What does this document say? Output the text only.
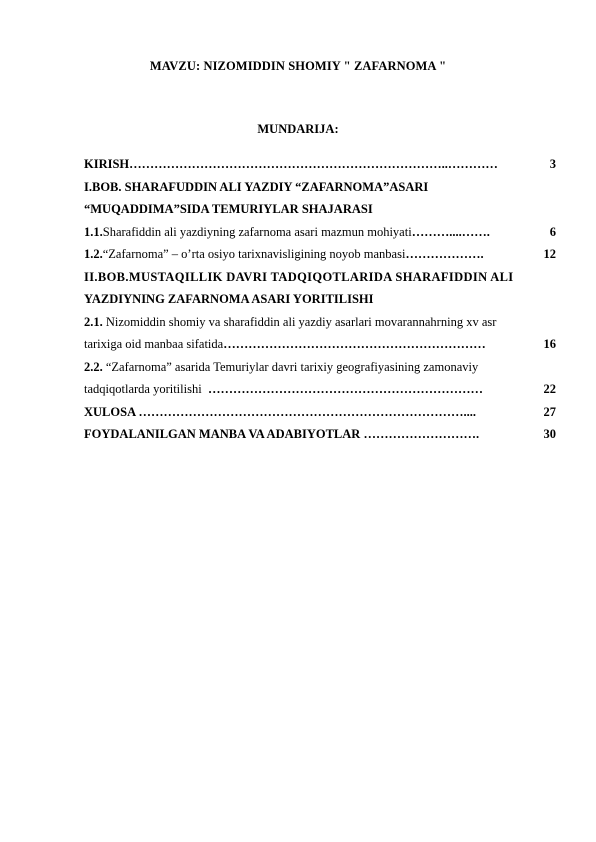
MAVZU: NIZOMIDDIN SHOMIY " ZAFARNOMA "
MUNDARIJA:
KIRISH …………………………………………………………………..…………	3
I.BOB. SHARAFUDDIN ALI YAZDIY “ZAFARNOMA”ASARI
“MUQADDIMA”SIDA TEMURIYLAR SHAJARASI
1.1. Sharafiddin ali yazdiyning zafarnoma asari mazmun mohiyati ………....…….	6
1.2. “Zafarnoma” – o’rta osiyo tarixnavisligining noyob manbasi ……………….	12
II.BOB.MUSTAQILLIK DAVRI TADQIQOTLARIDA SHARAFIDDIN ALI
YAZDIYNING ZAFARNOMA ASARI YORITILISHI
2.1. Nizomiddin shomiy va sharafiddin ali yazdiy asarlari movarannahrning xv asr
tarixiga oid manbaa sifatida ………………………………………………………	16
2.2. “Zafarnoma” asarida Temuriylar davri tarixiy geografiyasining zamonaviy
tadqiqotlarda yoritilishi …………………………………………………………	22
XULOSA ……………………………………………………………………....	27
FOYDALANILGAN MANBA VA ADABIYOTLAR ……………………….	30
